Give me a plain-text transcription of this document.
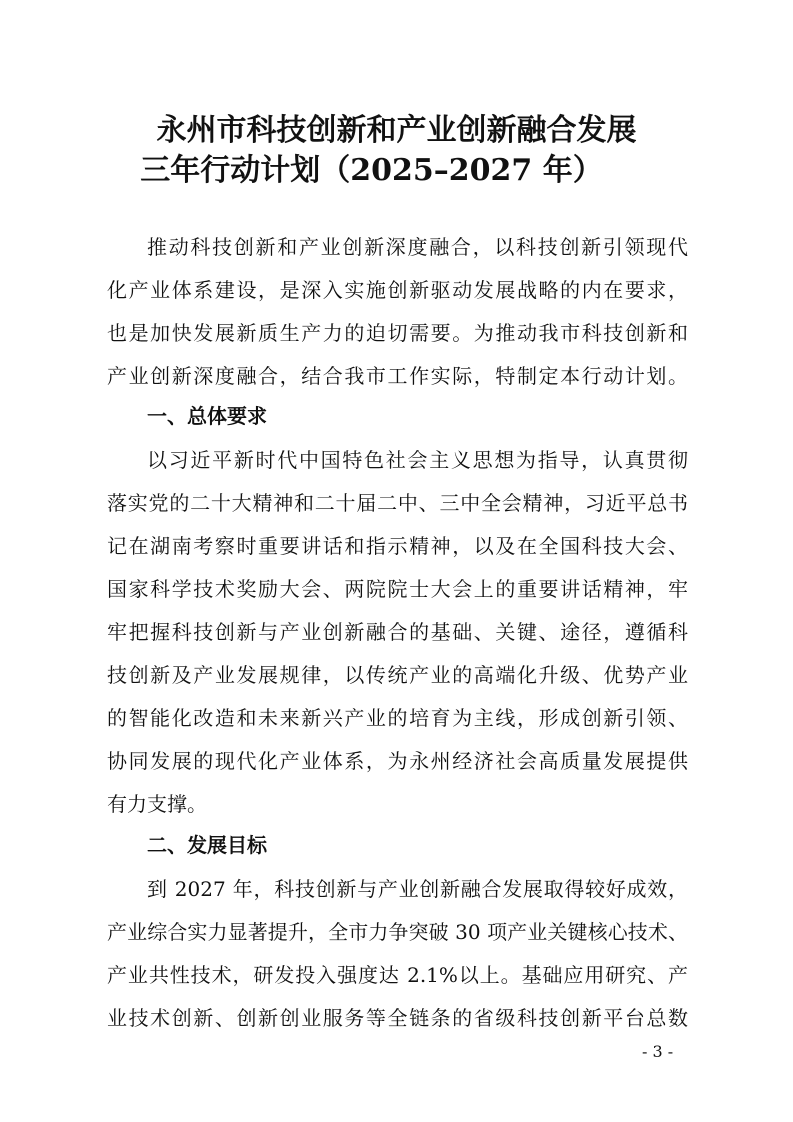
永州市科技创新和产业创新融合发展
三年行动计划（2025–2027 年）
推动科技创新和产业创新深度融合，以科技创新引领现代
化产业体系建设，是深入实施创新驱动发展战略的内在要求，
也是加快发展新质生产力的迫切需要。为推动我市科技创新和
产业创新深度融合，结合我市工作实际，特制定本行动计划。
一、总体要求
以习近平新时代中国特色社会主义思想为指导，认真贯彻
落实党的二十大精神和二十届二中、三中全会精神，习近平总书
记在湖南考察时重要讲话和指示精神，以及在全国科技大会、
国家科学技术奖励大会、两院院士大会上的重要讲话精神，牢
牢把握科技创新与产业创新融合的基础、关键、途径，遵循科
技创新及产业发展规律，以传统产业的高端化升级、优势产业
的智能化改造和未来新兴产业的培育为主线，形成创新引领、
协同发展的现代化产业体系，为永州经济社会高质量发展提供
有力支撑。
二、发展目标
到 2027 年，科技创新与产业创新融合发展取得较好成效，
产业综合实力显著提升，全市力争突破 30 项产业关键核心技术、
产业共性技术，研发投入强度达 2.1%以上。基础应用研究、产
业技术创新、创新创业服务等全链条的省级科技创新平台总数
- 3 -
